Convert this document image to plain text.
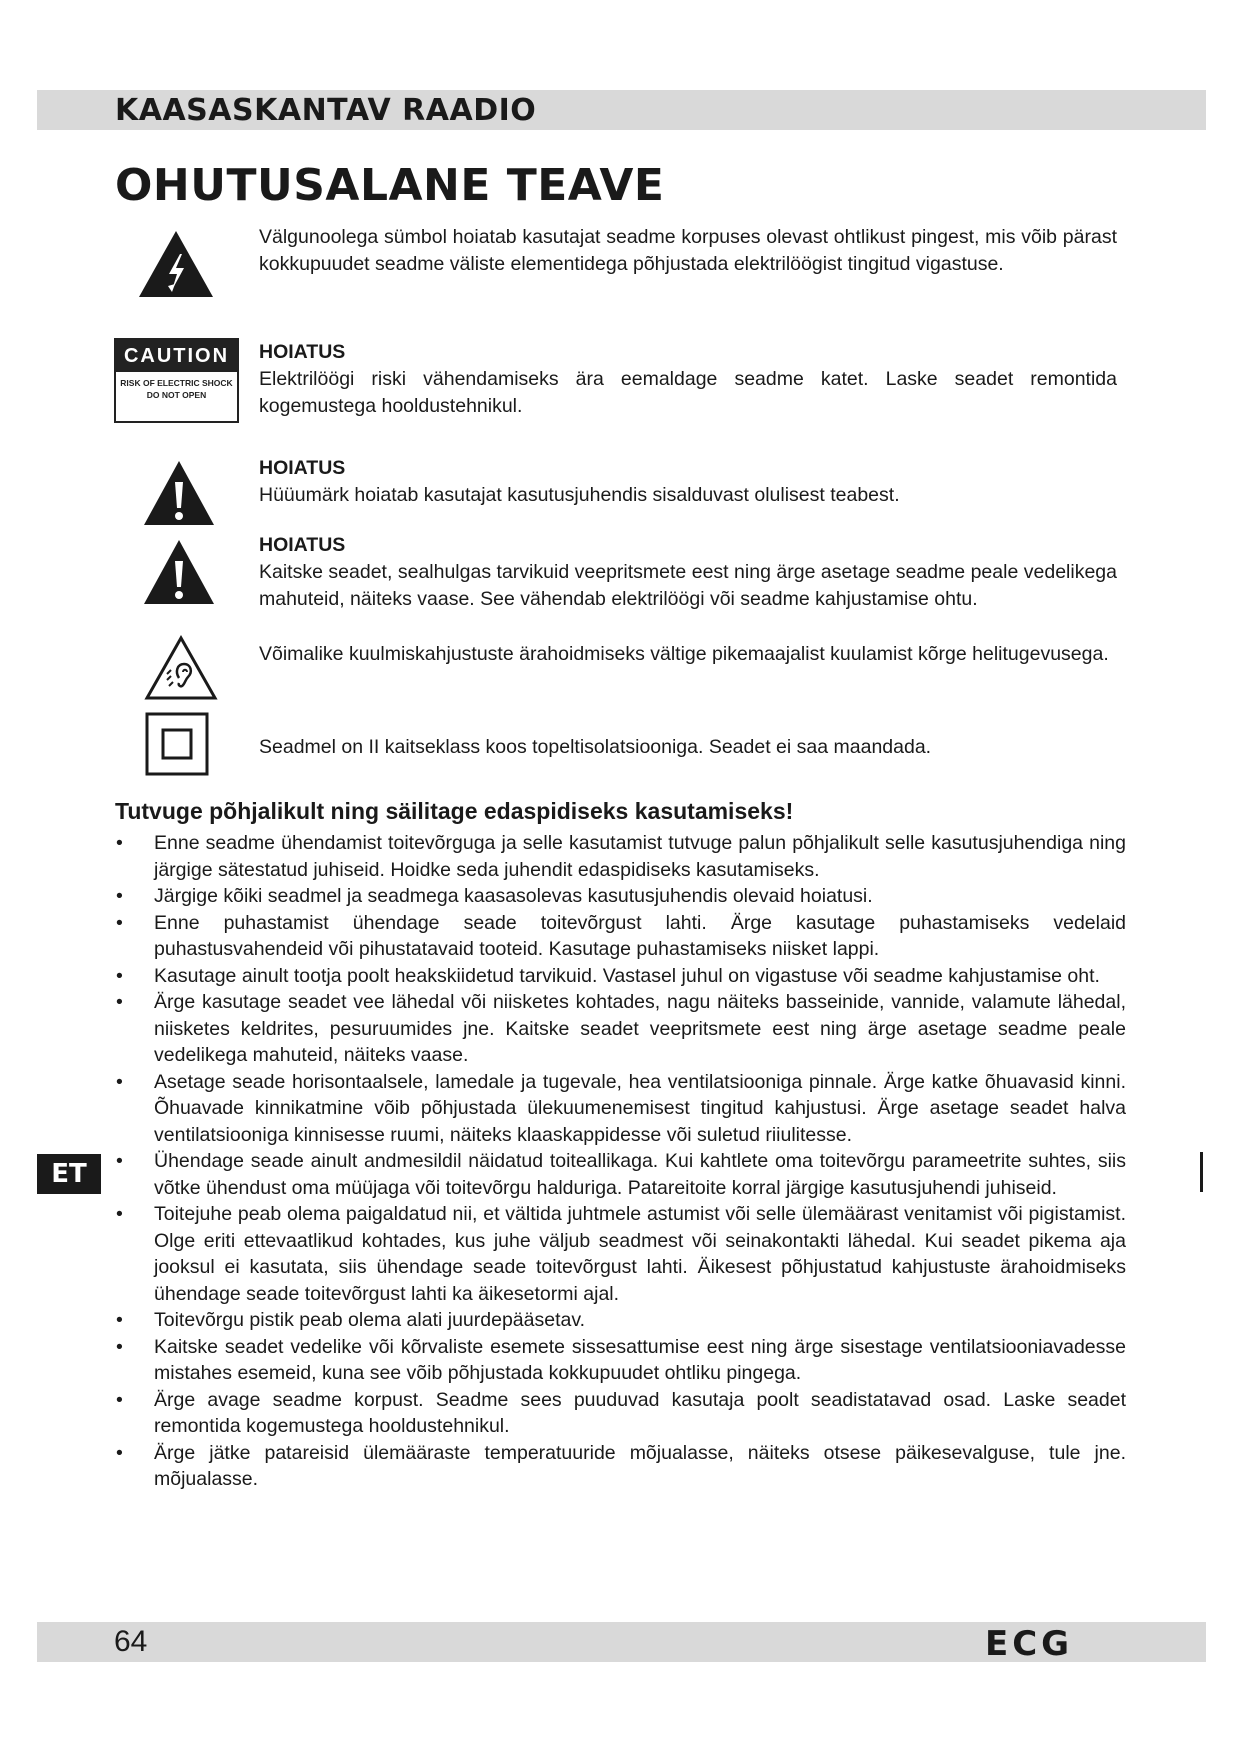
KAASASKANTAV RAADIO
OHUTUSALANE TEAVE
Välgunoolega sümbol hoiatab kasutajat seadme korpuses olevast ohtlikust pingest, mis võib pärast kokkupuudet seadme väliste elementidega põhjustada elektrilöögist tingitud vigastuse.
CAUTION
RISK OF ELECTRIC SHOCK
DO NOT OPEN
HOIATUS
Elektrilöögi riski vähendamiseks ära eemaldage seadme katet. Laske seadet remontida kogemustega hooldustehnikul.
HOIATUS
Hüüumärk hoiatab kasutajat kasutusjuhendis sisalduvast olulisest teabest.
HOIATUS
Kaitske seadet, sealhulgas tarvikuid veepritsmete eest ning ärge asetage seadme peale vedelikega mahuteid, näiteks vaase. See vähendab elektrilöögi või seadme kahjustamise ohtu.
Võimalike kuulmiskahjustuste ärahoidmiseks vältige pikemaajalist kuulamist kõrge helitugevusega.
Seadmel on II kaitseklass koos topeltisolatsiooniga. Seadet ei saa maandada.
Tutvuge põhjalikult ning säilitage edaspidiseks kasutamiseks!
• Enne seadme ühendamist toitevõrguga ja selle kasutamist tutvuge palun põhjalikult selle kasutusjuhendiga ning järgige sätestatud juhiseid. Hoidke seda juhendit edaspidiseks kasutamiseks.
• Järgige kõiki seadmel ja seadmega kaasasolevas kasutusjuhendis olevaid hoiatusi.
• Enne puhastamist ühendage seade toitevõrgust lahti. Ärge kasutage puhastamiseks vedelaid puhastusvahendeid või pihustatavaid tooteid. Kasutage puhastamiseks niisket lappi.
• Kasutage ainult tootja poolt heakskiidetud tarvikuid. Vastasel juhul on vigastuse või seadme kahjustamise oht.
• Ärge kasutage seadet vee lähedal või niisketes kohtades, nagu näiteks basseinide, vannide, valamute lähedal, niisketes keldrites, pesuruumides jne. Kaitske seadet veepritsmete eest ning ärge asetage seadme peale vedelikega mahuteid, näiteks vaase.
• Asetage seade horisontaalsele, lamedale ja tugevale, hea ventilatsiooniga pinnale. Ärge katke õhuavasid kinni. Õhuavade kinnikatmine võib põhjustada ülekuumenemisest tingitud kahjustusi. Ärge asetage seadet halva ventilatsiooniga kinnisesse ruumi, näiteks klaaskappidesse või suletud riiulitesse.
• Ühendage seade ainult andmesildil näidatud toiteallikaga. Kui kahtlete oma toitevõrgu parameetrite suhtes, siis võtke ühendust oma müüjaga või toitevõrgu halduriga. Patareitoite korral järgige kasutusjuhendi juhiseid.
• Toitejuhe peab olema paigaldatud nii, et vältida juhtmele astumist või selle ülemäärast venitamist või pigistamist. Olge eriti ettevaatlikud kohtades, kus juhe väljub seadmest või seinakontakti lähedal. Kui seadet pikema aja jooksul ei kasutata, siis ühendage seade toitevõrgust lahti. Äikesest põhjustatud kahjustuste ärahoidmiseks ühendage seade toitevõrgust lahti ka äikesetormi ajal.
• Toitevõrgu pistik peab olema alati juurdepääsetav.
• Kaitske seadet vedelike või kõrvaliste esemete sissesattumise eest ning ärge sisestage ventilatsiooniavadesse mistahes esemeid, kuna see võib põhjustada kokkupuudet ohtliku pingega.
• Ärge avage seadme korpust. Seadme sees puuduvad kasutaja poolt seadistatavad osad. Laske seadet remontida kogemustega hooldustehnikul.
• Ärge jätke patareisid ülemääraste temperatuuride mõjualasse, näiteks otsese päikesevalguse, tule jne. mõjualasse.
ET
64	ECG
